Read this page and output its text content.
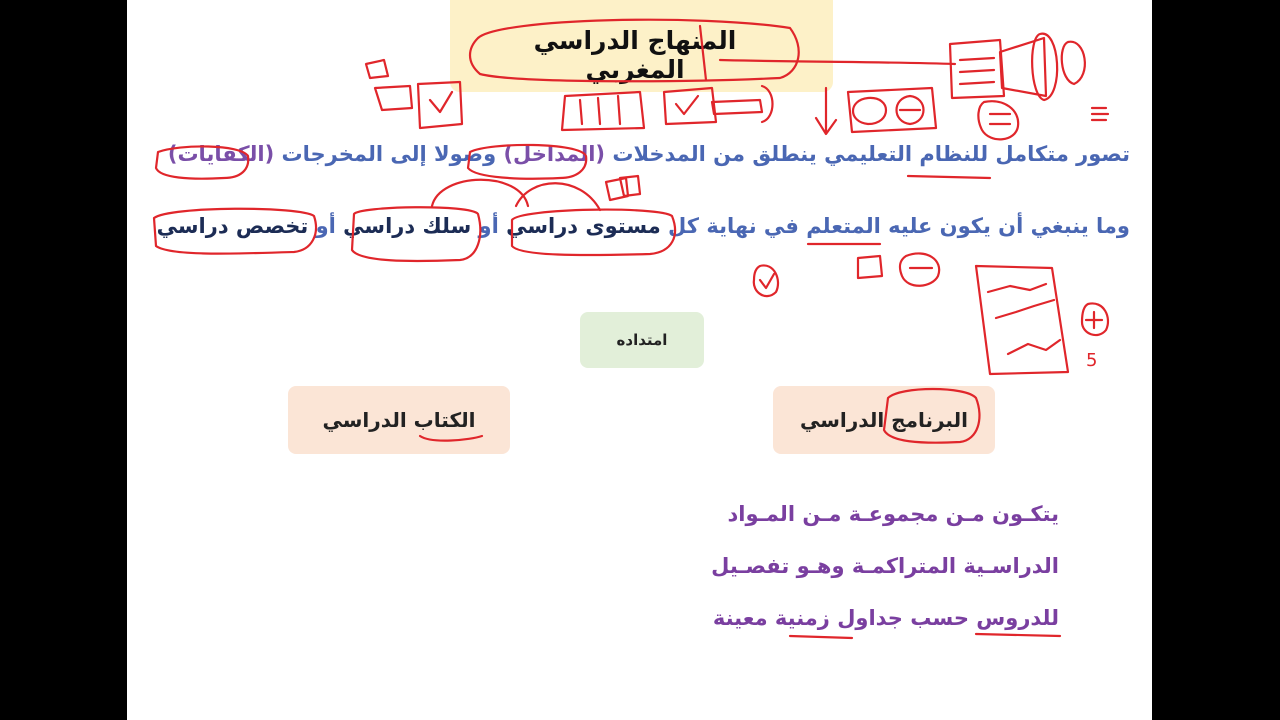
المنهاج الدراسي المغربي
تصور متكامل للنظام التعليمي ينطلق من المدخلات (المداخل) وصولا إلى المخرجات (الكفايات)
وما ينبغي أن يكون عليه المتعلم في نهاية كل مستوى دراسي أو سلك دراسي أو تخصص دراسي
امتداده
الكتاب الدراسي	البرنامج الدراسي
يتكـون مـن مجموعـة مـن المـواد
الدراسـية المتراكمـة وهـو تفصـيل
للدروس حسب جداول زمنية معينة
5
